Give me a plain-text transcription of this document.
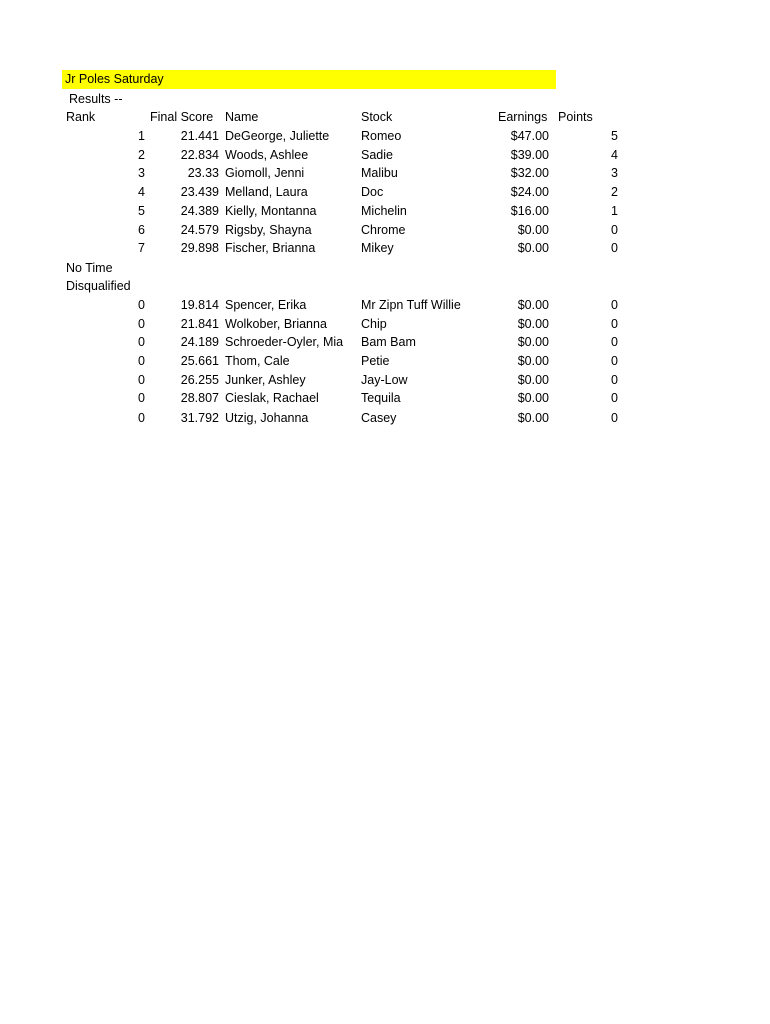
Jr Poles Saturday
Results --
Rank	Final Score Name	Stock	Earnings Points
1	21.441 DeGeorge, Juliette	Romeo	$47.00	5
2	22.834 Woods, Ashlee	Sadie	$39.00	4
3	23.33 Giomoll, Jenni	Malibu	$32.00	3
4	23.439 Melland, Laura	Doc	$24.00	2
5	24.389 Kielly, Montanna	Michelin	$16.00	1
6	24.579 Rigsby, Shayna	Chrome	$0.00	0
7	29.898 Fischer, Brianna	Mikey	$0.00	0
No Time
Disqualified
0	19.814 Spencer, Erika	Mr Zipn Tuff Willie	$0.00	0
0	21.841 Wolkober, Brianna	Chip	$0.00	0
0	24.189 Schroeder-Oyler, Mia	Bam Bam	$0.00	0
0	25.661 Thom, Cale	Petie	$0.00	0
0	26.255 Junker, Ashley	Jay-Low	$0.00	0
0	28.807 Cieslak, Rachael	Tequila	$0.00	0
0	31.792 Utzig, Johanna	Casey	$0.00	0
